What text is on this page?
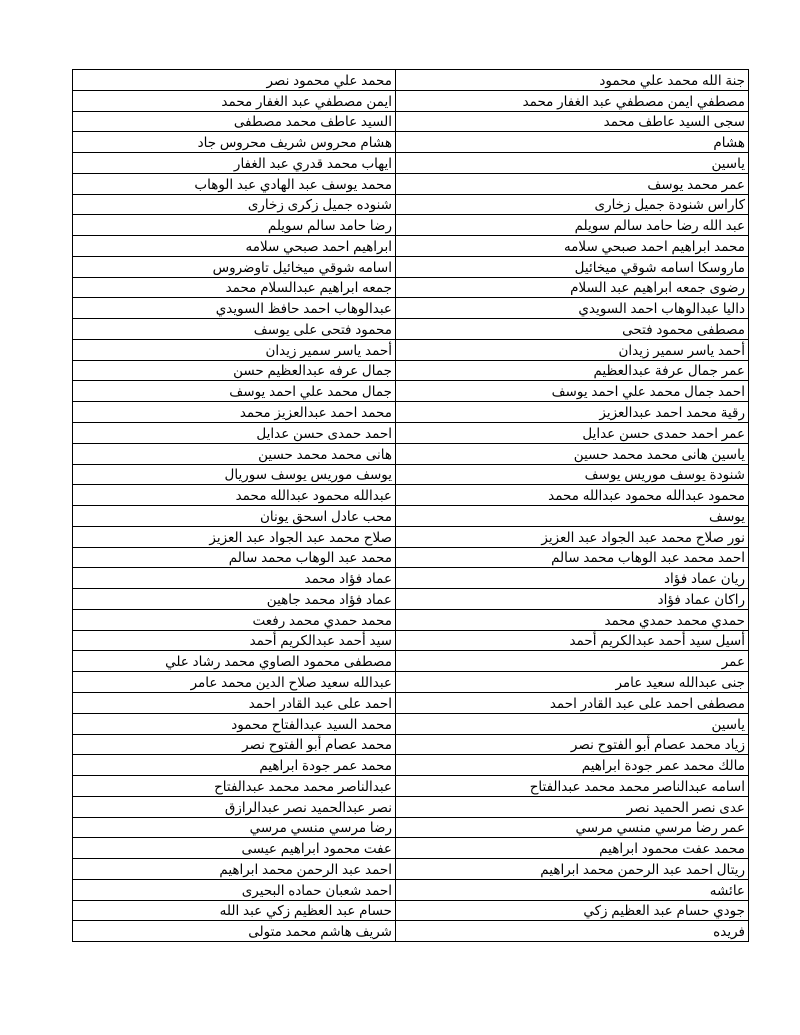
جنة الله محمد علي محمود	محمد علي محمود نصر
مصطفي ايمن مصطفي عبد الغفار محمد	ايمن مصطفي عبد الغفار محمد
سجى السيد عاطف محمد	السيد عاطف محمد مصطفى
هشام	هشام محروس شريف محروس جاد
ياسين	ايهاب محمد قدري عبد الغفار
عمر محمد يوسف	محمد يوسف عبد الهادي عبد الوهاب
كاراس شنودة جميل زخارى	شنوده جميل زكرى زخارى
عبد الله رضا حامد سالم سويلم	رضا حامد سالم سويلم
محمد ابراهيم احمد صبحي سلامه	ابراهيم احمد صبحي سلامه
ماروسكا اسامه شوقي ميخائيل	اسامه شوقي ميخائيل تاوضروس
رضوى جمعه ابراهيم عبد السلام	جمعه ابراهيم عبدالسلام محمد
داليا عبدالوهاب احمد السويدي	عبدالوهاب احمد حافظ السويدي
مصطفى محمود فتحى	محمود فتحى على يوسف
أحمد ياسر سمير زيدان	أحمد ياسر سمير زيدان
عمر جمال عرفة عبدالعظيم	جمال عرفه عبدالعظيم حسن
احمد جمال محمد علي احمد يوسف	جمال محمد علي احمد يوسف
رقية محمد احمد عبدالعزيز	محمد احمد عبدالعزيز محمد
عمر احمد حمدى حسن عدايل	احمد حمدى حسن عدايل
ياسين هانى محمد محمد حسين	هانى محمد محمد حسين
شنودة يوسف موريس يوسف	يوسف موريس يوسف سوريال
محمود عبدالله محمود عبدالله محمد	عبدالله محمود عبدالله محمد
يوسف	محب عادل اسحق يونان
نور صلاح محمد عبد الجواد عبد العزيز	صلاح محمد عبد الجواد عبد العزيز
احمد محمد عبد الوهاب محمد سالم	محمد عبد الوهاب محمد سالم
ريان عماد فؤاد	عماد فؤاد محمد
راكان عماد فؤاد	عماد فؤاد محمد جاهين
حمدي محمد حمدي محمد	محمد حمدي محمد رفعت
أسيل سيد أحمد عبدالكريم أحمد	سيد أحمد عبدالكريم أحمد
عمر	مصطفى محمود الصاوي محمد رشاد علي
جنى عبدالله سعيد عامر	عبدالله سعيد صلاح الدين محمد عامر
مصطفى احمد على عبد القادر احمد	احمد على عبد القادر احمد
ياسين	محمد السيد عبدالفتاح محمود
زياد محمد عصام أبو الفتوح نصر	محمد عصام أبو الفتوح نصر
مالك محمد عمر جودة ابراهيم	محمد عمر جودة ابراهيم
اسامه عبدالناصر محمد محمد عبدالفتاح	عبدالناصر محمد محمد عبدالفتاح
عدى نصر الحميد نصر	نصر عبدالحميد نصر عبدالرازق
عمر رضا مرسي منسي مرسي	رضا مرسي منسي مرسي
محمد عفت محمود ابراهيم	عفت محمود ابراهيم عيسى
ريتال احمد عبد الرحمن محمد ابراهيم	احمد عبد الرحمن محمد ابراهيم
عائشه	احمد شعبان حماده البحيرى
جودي حسام عبد العظيم زكي	حسام عبد العظيم زكي عبد الله
فريده	شريف هاشم محمد متولى
